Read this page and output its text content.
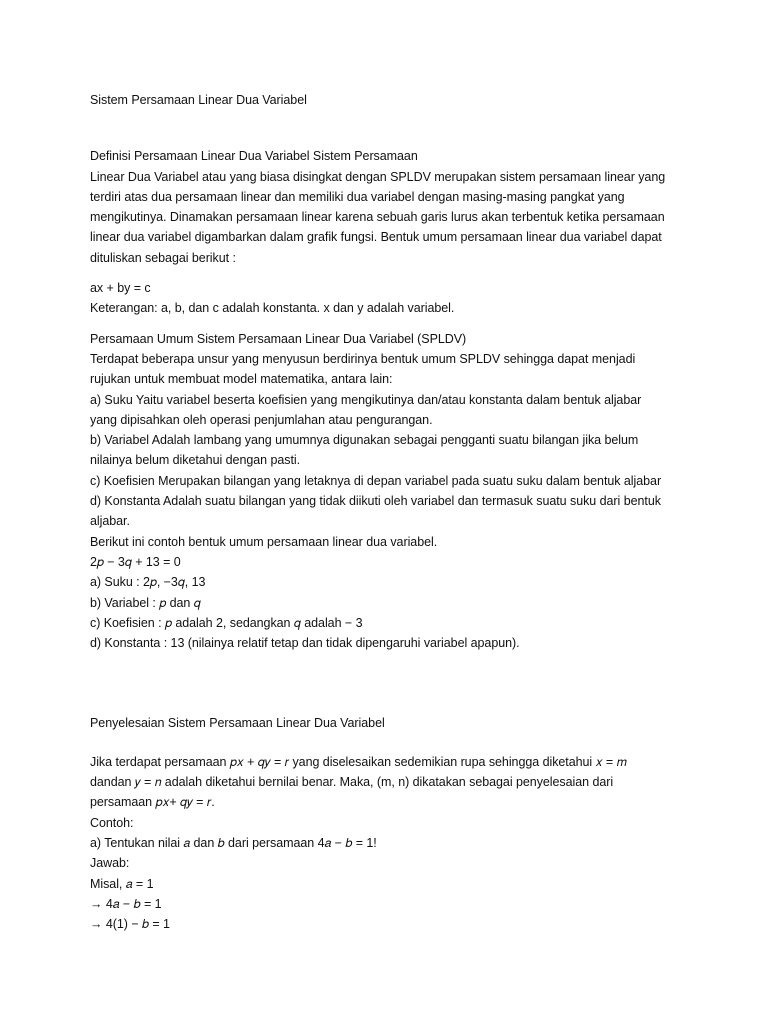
Sistem Persamaan Linear Dua Variabel
Definisi Persamaan Linear Dua Variabel Sistem Persamaan
Linear Dua Variabel atau yang biasa disingkat dengan SPLDV merupakan sistem persamaan linear yang
terdiri atas dua persamaan linear dan memiliki dua variabel dengan masing-masing pangkat yang
mengikutinya. Dinamakan persamaan linear karena sebuah garis lurus akan terbentuk ketika persamaan
linear dua variabel digambarkan dalam grafik fungsi. Bentuk umum persamaan linear dua variabel dapat
dituliskan sebagai berikut :
ax + by = c
Keterangan: a, b, dan c adalah konstanta. x dan y adalah variabel.
Persamaan Umum Sistem Persamaan Linear Dua Variabel (SPLDV)
Terdapat beberapa unsur yang menyusun berdirinya bentuk umum SPLDV sehingga dapat menjadi
rujukan untuk membuat model matematika, antara lain:
a) Suku Yaitu variabel beserta koefisien yang mengikutinya dan/atau konstanta dalam bentuk aljabar
yang dipisahkan oleh operasi penjumlahan atau pengurangan.
b) Variabel Adalah lambang yang umumnya digunakan sebagai pengganti suatu bilangan jika belum
nilainya belum diketahui dengan pasti.
c) Koefisien Merupakan bilangan yang letaknya di depan variabel pada suatu suku dalam bentuk aljabar
d) Konstanta Adalah suatu bilangan yang tidak diikuti oleh variabel dan termasuk suatu suku dari bentuk
aljabar.
Berikut ini contoh bentuk umum persamaan linear dua variabel.
2𝑝 − 3𝑞 + 13 = 0
a) Suku : 2𝑝, −3𝑞, 13
b) Variabel : 𝑝 dan 𝑞
c) Koefisien : 𝑝 adalah 2, sedangkan 𝑞 adalah − 3
d) Konstanta : 13 (nilainya relatif tetap dan tidak dipengaruhi variabel apapun).
Penyelesaian Sistem Persamaan Linear Dua Variabel
Jika terdapat persamaan 𝑝𝑥 + 𝑞𝑦 = 𝑟 yang diselesaikan sedemikian rupa sehingga diketahui 𝑥 = 𝑚
dandan 𝑦 = 𝑛 adalah diketahui bernilai benar. Maka, (m, n) dikatakan sebagai penyelesaian dari
persamaan 𝑝𝑥+ 𝑞𝑦 = 𝑟.
Contoh:
a) Tentukan nilai 𝑎 dan 𝑏 dari persamaan 4𝑎 − 𝑏 = 1!
Jawab:
Misal, 𝑎 = 1
→ 4𝑎 − 𝑏 = 1
→ 4(1) − 𝑏 = 1
